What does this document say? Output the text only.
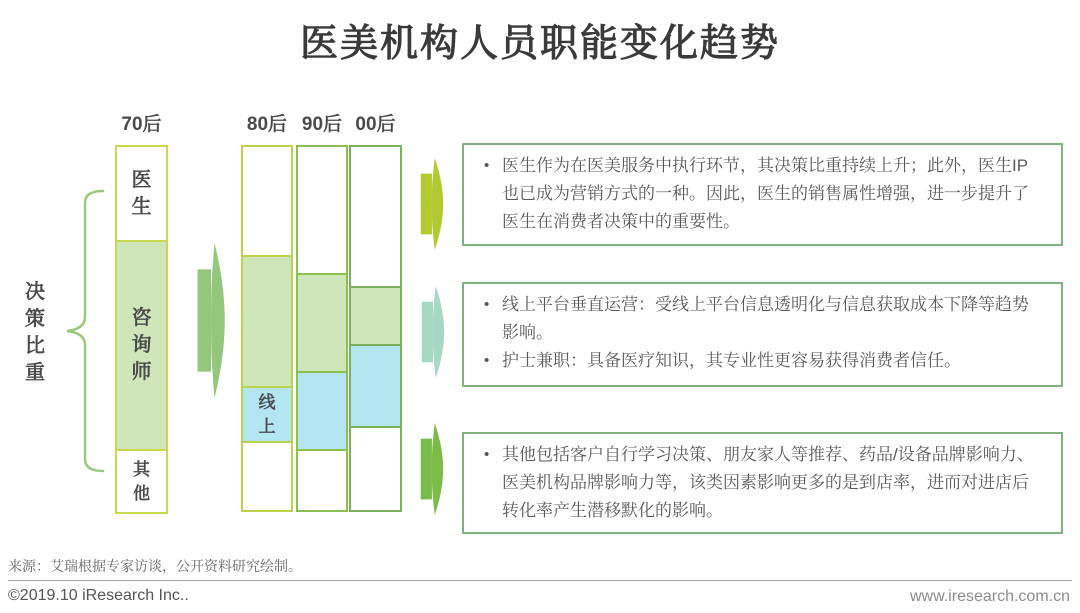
医美机构人员职能变化趋势
决
策
比
重
70后
医
生
咨
询
师
其
他
80后
线
上
90后 00后
• 医生作为在医美服务中执行环节，其决策比重持续上升；此外，医生IP也已成为营销方式的一种。因此，医生的销售属性增强，进一步提升了医生在消费者决策中的重要性。
• 线上平台垂直运营：受线上平台信息透明化与信息获取成本下降等趋势影响。
• 护士兼职：具备医疗知识，其专业性更容易获得消费者信任。
• 其他包括客户自行学习决策、朋友家人等推荐、药品/设备品牌影响力、医美机构品牌影响力等，该类因素影响更多的是到店率，进而对进店后转化率产生潜移默化的影响。
来源：艾瑞根据专家访谈，公开资料研究绘制。
©2019.10 iResearch Inc..	www.iresearch.com.cn
